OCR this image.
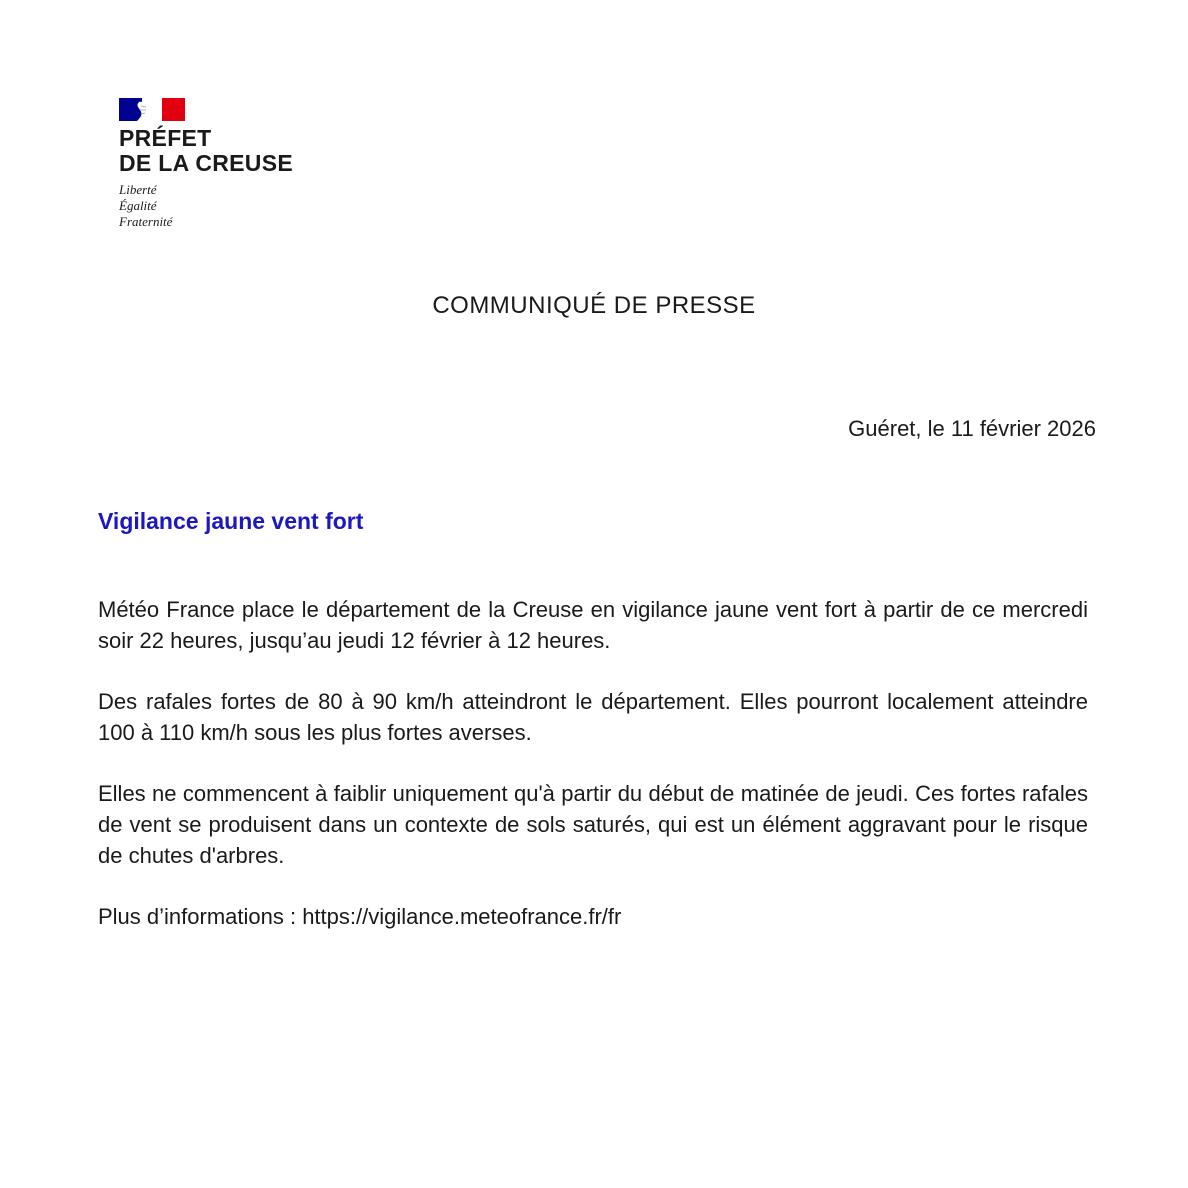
PRÉFET
DE LA CREUSE
Liberté
Égalité
Fraternité
COMMUNIQUÉ DE PRESSE
Guéret, le 11 février 2026
Vigilance jaune vent fort

Météo France place le département de la Creuse en vigilance jaune vent fort à partir de ce mercredi soir 22 heures, jusqu’au jeudi 12 février à 12 heures.

Des rafales fortes de 80 à 90 km/h atteindront le département. Elles pourront localement atteindre 100 à 110 km/h sous les plus fortes averses.

Elles ne commencent à faiblir uniquement qu'à partir du début de matinée de jeudi. Ces fortes rafales de vent se produisent dans un contexte de sols saturés, qui est un élément aggravant pour le risque de chutes d'arbres.

Plus d’informations : https://vigilance.meteofrance.fr/fr
